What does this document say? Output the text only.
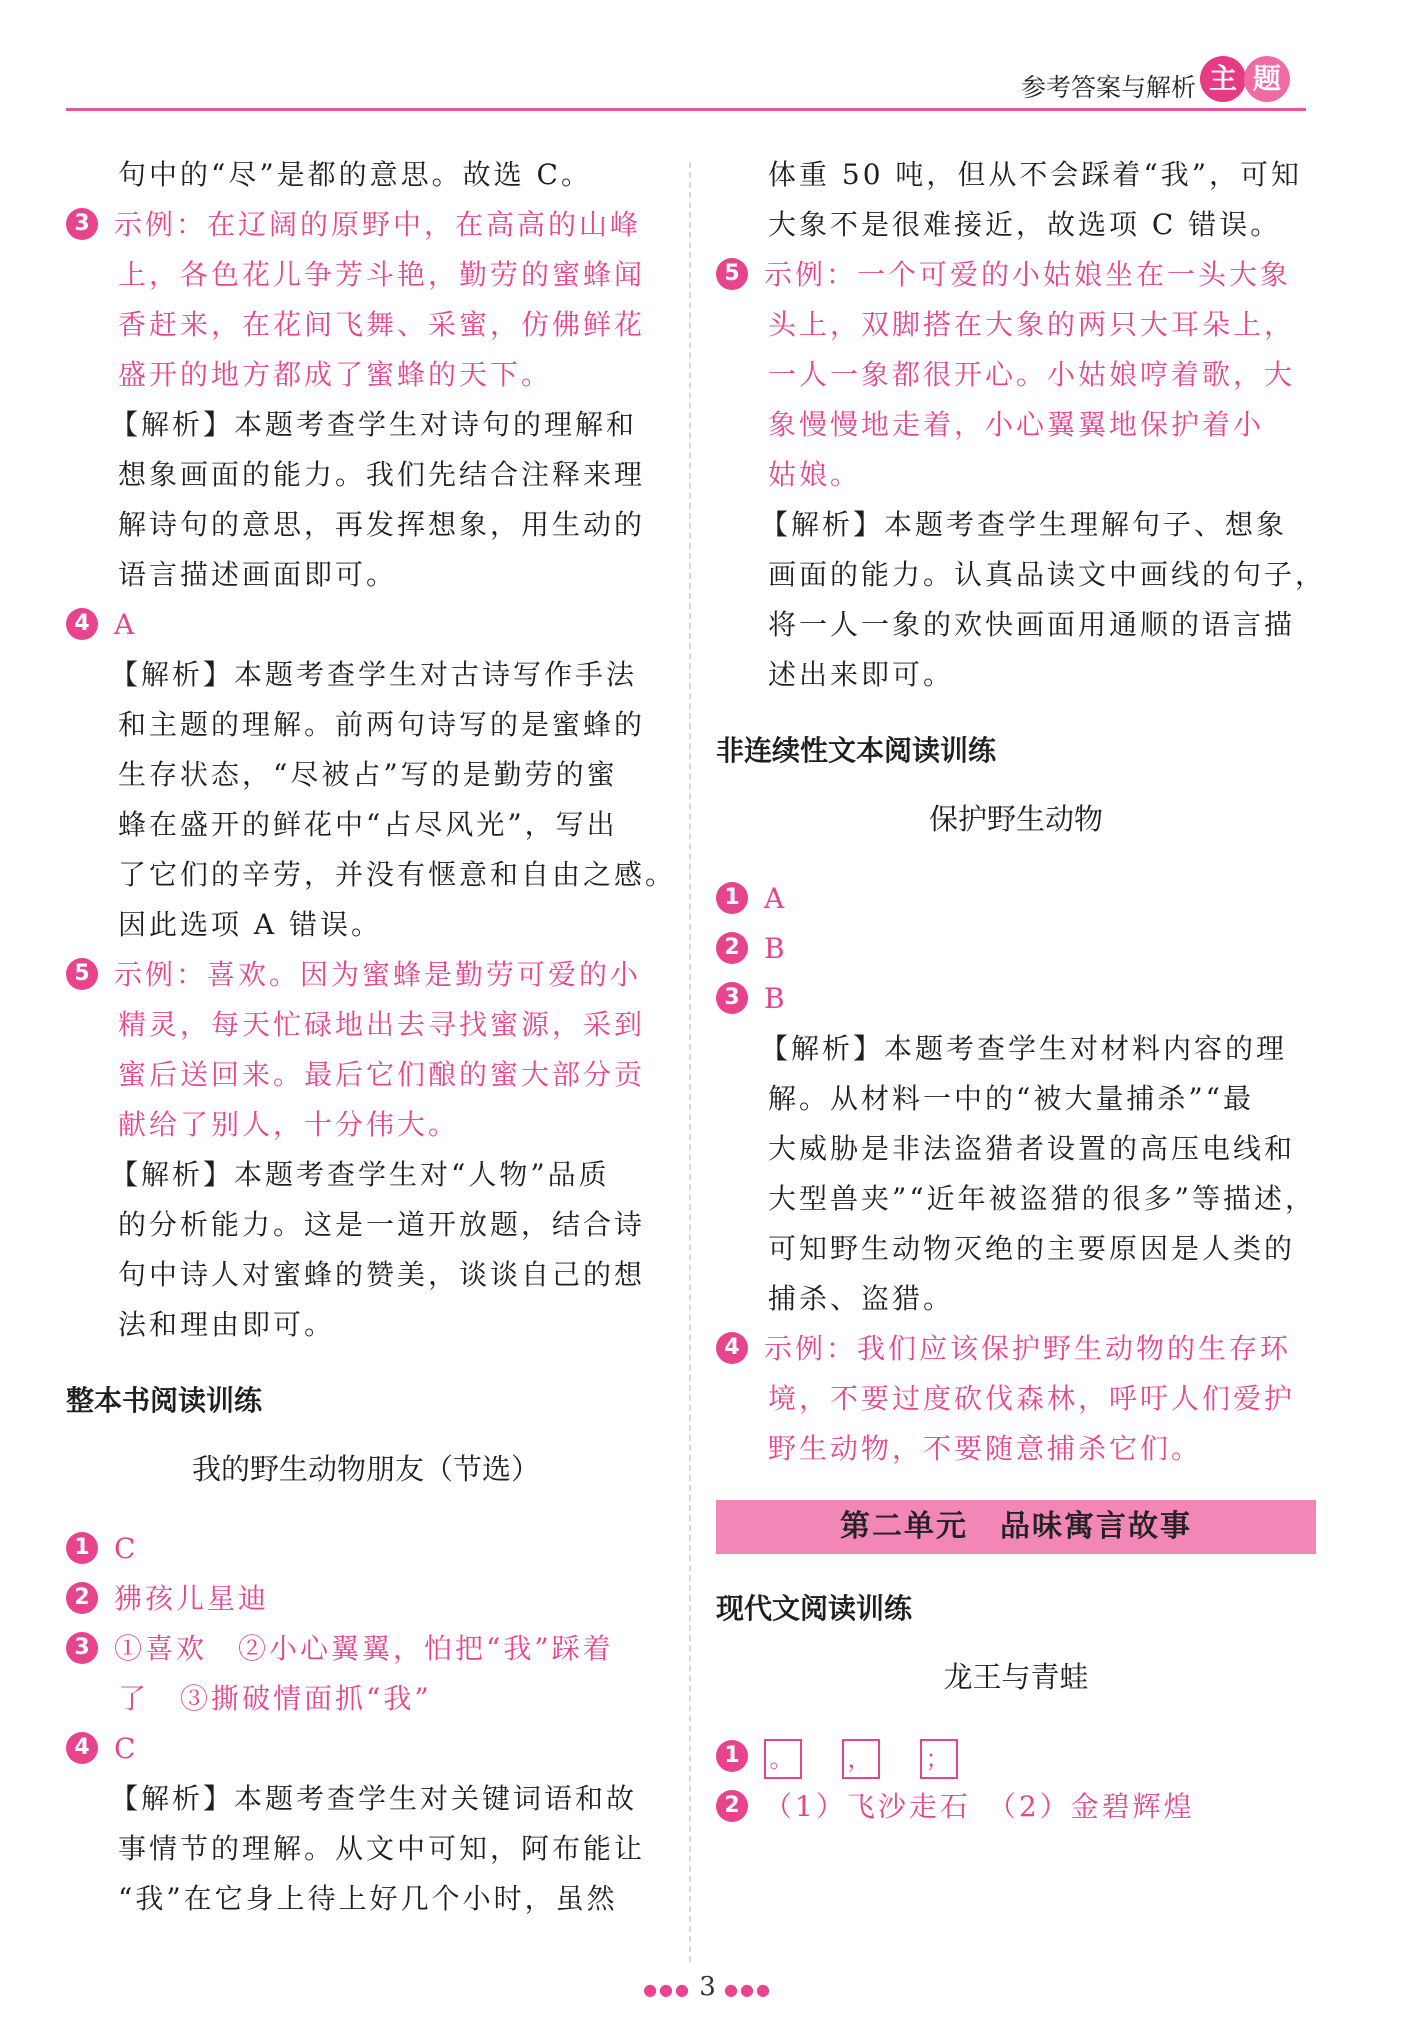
参考答案与解析 主 题
句中的“尽”是都的意思。故选 C。
3 示例：在辽阔的原野中，在高高的山峰
上，各色花儿争芳斗艳，勤劳的蜜蜂闻
香赶来，在花间飞舞、采蜜，仿佛鲜花
盛开的地方都成了蜜蜂的天下。
【解析】本题考查学生对诗句的理解和
想象画面的能力。我们先结合注释来理
解诗句的意思，再发挥想象，用生动的
语言描述画面即可。
4 A
【解析】本题考查学生对古诗写作手法
和主题的理解。前两句诗写的是蜜蜂的
生存状态，“尽被占”写的是勤劳的蜜
蜂在盛开的鲜花中“占尽风光”，写出
了它们的辛劳，并没有惬意和自由之感。
因此选项 A 错误。
5 示例：喜欢。因为蜜蜂是勤劳可爱的小
精灵，每天忙碌地出去寻找蜜源，采到
蜜后送回来。最后它们酿的蜜大部分贡
献给了别人，十分伟大。
【解析】本题考查学生对“人物”品质
的分析能力。这是一道开放题，结合诗
句中诗人对蜜蜂的赞美，谈谈自己的想
法和理由即可。
整本书阅读训练
我的野生动物朋友（节选）
1 C
2 狒孩儿星迪
3 ①喜欢　②小心翼翼，怕把“我”踩着
了　③撕破情面抓“我”
4 C
【解析】本题考查学生对关键词语和故
事情节的理解。从文中可知，阿布能让
“我”在它身上待上好几个小时，虽然
体重 50 吨，但从不会踩着“我”，可知
大象不是很难接近，故选项 C 错误。
5 示例：一个可爱的小姑娘坐在一头大象
头上，双脚搭在大象的两只大耳朵上，
一人一象都很开心。小姑娘哼着歌，大
象慢慢地走着，小心翼翼地保护着小
姑娘。
【解析】本题考查学生理解句子、想象
画面的能力。认真品读文中画线的句子，
将一人一象的欢快画面用通顺的语言描
述出来即可。
非连续性文本阅读训练
保护野生动物
1 A
2 B
3 B
【解析】本题考查学生对材料内容的理
解。从材料一中的“被大量捕杀”“最
大威胁是非法盗猎者设置的高压电线和
大型兽夹”“近年被盗猎的很多”等描述，
可知野生动物灭绝的主要原因是人类的
捕杀、盗猎。
4 示例：我们应该保护野生动物的生存环
境，不要过度砍伐森林，呼吁人们爱护
野生动物，不要随意捕杀它们。
第二单元　品味寓言故事
现代文阅读训练
龙王与青蛙
1 。 ， ；
2 （1）飞沙走石　（2）金碧辉煌
●●● 3 ●●●
